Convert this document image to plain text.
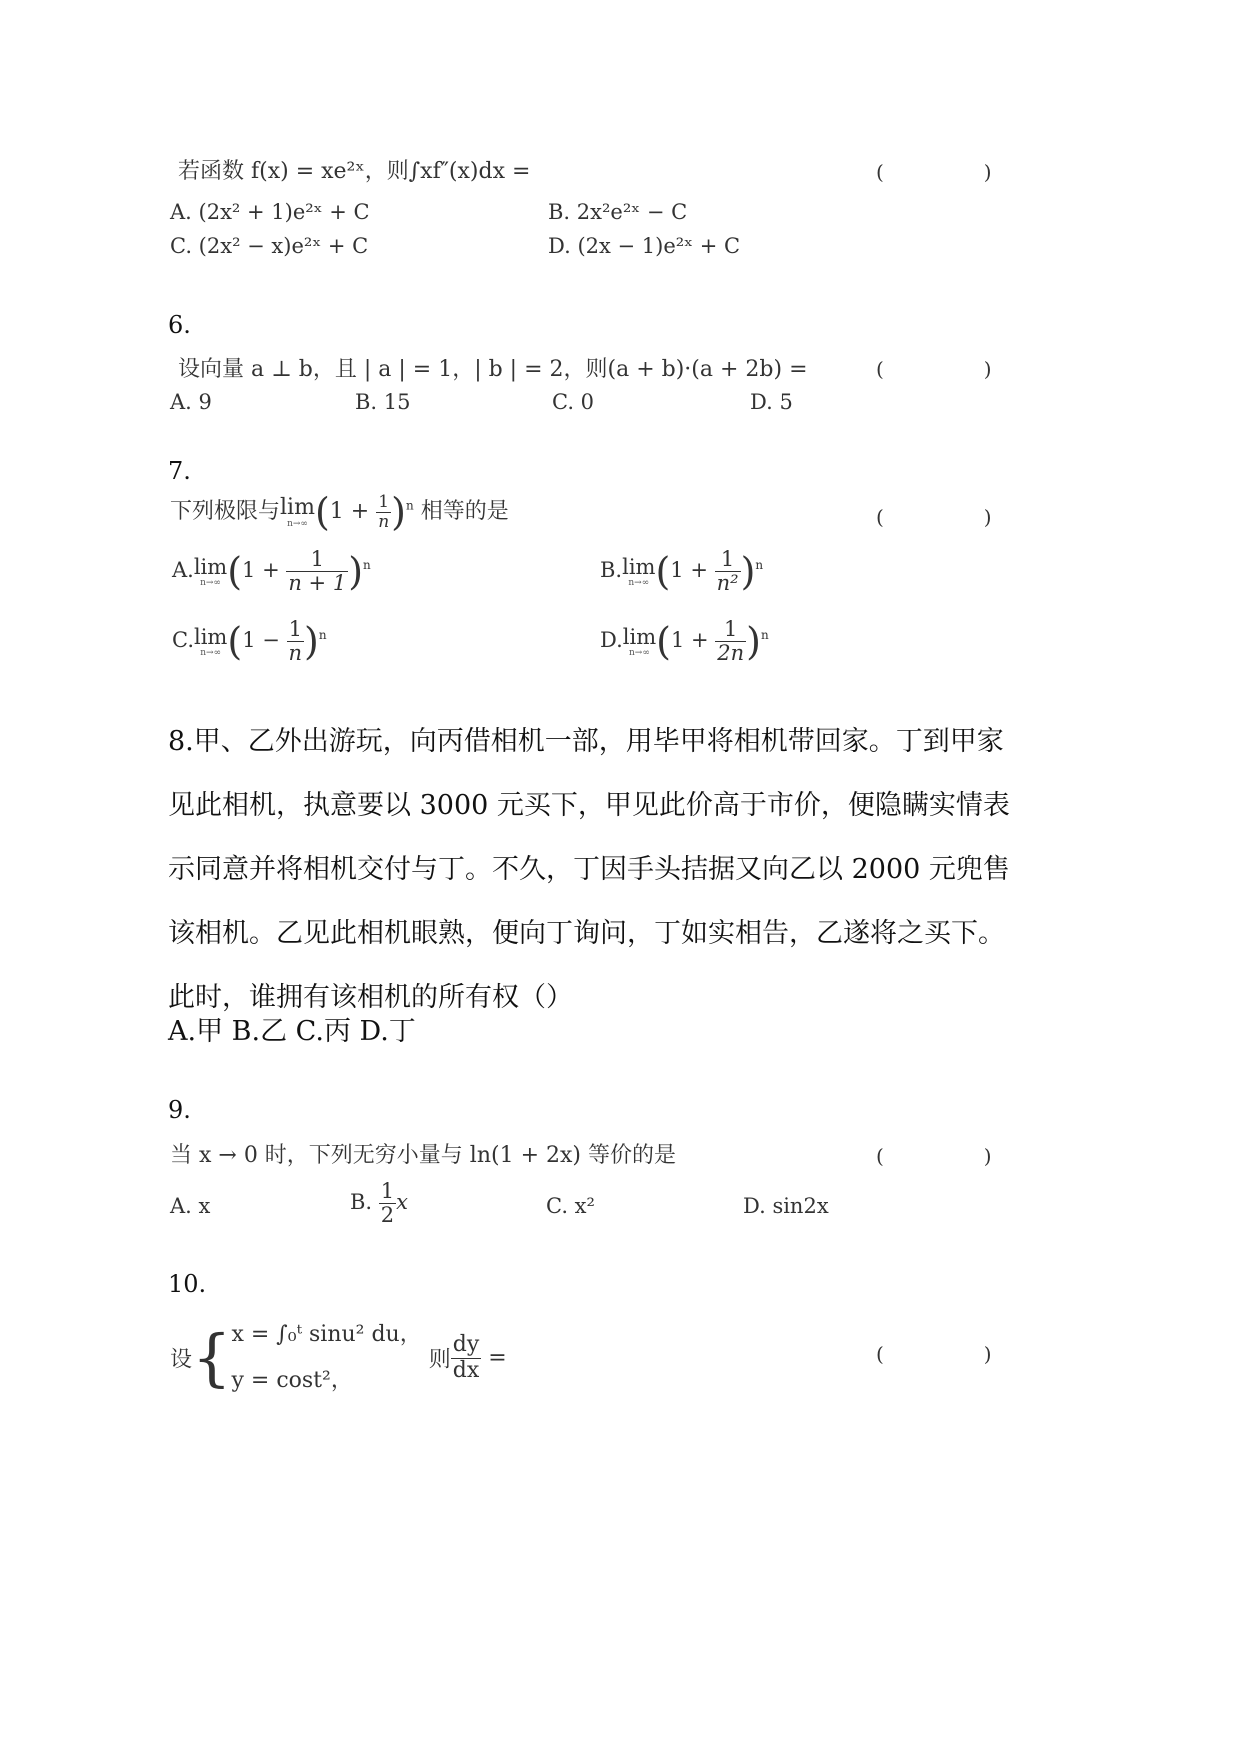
若函数 f(x) = xe²ˣ，则∫xf″(x)dx =	(　)
A. (2x² + 1)e²ˣ + C	B. 2x²e²ˣ − C
C. (2x² − x)e²ˣ + C	D. (2x − 1)e²ˣ + C
6.
设向量 a ⊥ b，且 | a | = 1，| b | = 2，则(a + b)·(a + 2b) =	(　)
A. 9	B. 15	C. 0	D. 5
7.
下列极限与lim
n→∞ $(1 + \frac{1}{n} )^n$ 相等的是	(　)
A.lim
n→∞ $(1 + \frac{1}{n + 1} )^n$	B.lim
n→∞ $(1 + \frac{1}{\text{n²}} )^n$
C.lim
n→∞ $(1 - \frac{1}{n} )^n$	D.lim
n→∞ $(1 + \frac{1}{2n} )^n$
8.甲、乙外出游玩，向丙借相机一部，用毕甲将相机带回家。丁到甲家
见此相机，执意要以 3000 元买下，甲见此价高于市价，便隐瞒实情表
示同意并将相机交付与丁。不久，丁因手头拮据又向乙以 2000 元兜售
该相机。乙见此相机眼熟，便向丁询问，丁如实相告，乙遂将之买下。
此时，谁拥有该相机的所有权（）
A.甲 B.乙 C.丙 D.丁
9.
当 x → 0 时，下列无穷小量与 ln(1 + 2x) 等价的是	(　)
A. x	B. $\frac{1}{2}$ x	C. x²	D. sin2x
10.
设{ x = ∫₀ᵗ sinu² du，
y = cost²，
则 $\frac{dy}{dx}$ =	(　)
